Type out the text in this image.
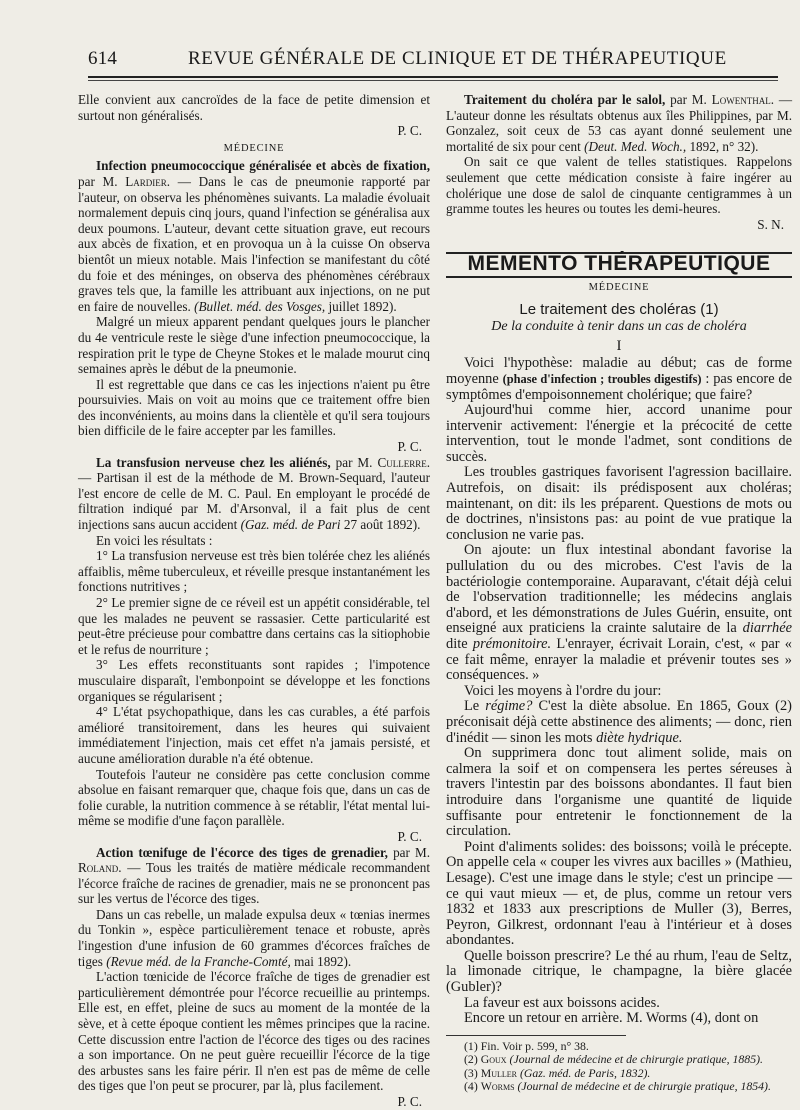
614	REVUE GÉNÉRALE DE CLINIQUE ET DE THÉRAPEUTIQUE

Elle convient aux cancroïdes de la face de petite dimension et surtout non généralisés.

P. C.

MÉDECINE

Infection pneumococcique généralisée et abcès de fixation, par M. Lardier. — Dans le cas de pneumonie rapporté par l'auteur, on observa les phénomènes suivants. La maladie évoluait normalement depuis cinq jours, quand l'infection se généralisa aux deux poumons. L'auteur, devant cette situation grave, eut recours aux abcès de fixation, et en provoqua un à la cuisse On observa bientôt un mieux notable. Mais l'infection se manifestant du côté du foie et des méninges, on observa des phénomènes cérébraux graves tels que, la famille les attribuant aux injections, on ne put en faire de nouvelles. (Bullet. méd. des Vosges, juillet 1892).

Malgré un mieux apparent pendant quelques jours le plancher du 4e ventricule reste le siège d'une infection pneumococcique, la respiration prit le type de Cheyne Stokes et le malade mourut cinq semaines après le début de la pneumonie.

Il est regrettable que dans ce cas les injections n'aient pu être poursuivies. Mais on voit au moins que ce traitement offre bien des inconvénients, au moins dans la clientèle et qu'il sera toujours bien difficile de le faire accepter par les familles.

P. C.

La transfusion nerveuse chez les aliénés, par M. Cullerre. — Partisan il est de la méthode de M. Brown-Sequard, l'auteur l'est encore de celle de M. C. Paul. En employant le procédé de filtration indiqué par M. d'Arsonval, il a fait plus de cent injections sans aucun accident (Gaz. méd. de Pari 27 août 1892).

En voici les résultats :

1° La transfusion nerveuse est très bien tolérée chez les aliénés affaiblis, même tuberculeux, et réveille presque instantanément les fonctions nutritives ;

2° Le premier signe de ce réveil est un appétit considérable, tel que les malades ne peuvent se rassasier. Cette particularité est peut-être précieuse pour combattre dans certains cas la sitiophobie et le refus de nourriture ;

3° Les effets reconstituants sont rapides ; l'impotence musculaire disparaît, l'embonpoint se développe et les fonctions organiques se régularisent ;

4° L'état psychopathique, dans les cas curables, a été parfois amélioré transitoirement, dans les heures qui suivaient immédiatement l'injection, mais cet effet n'a jamais persisté, et aucune amélioration durable n'a été obtenue.

Toutefois l'auteur ne considère pas cette conclusion comme absolue en faisant remarquer que, chaque fois que, dans un cas de folie curable, la nutrition commence à se rétablir, l'état mental lui-même se modifie d'une façon parallèle.

P. C.

Action tœnifuge de l'écorce des tiges de grenadier, par M. Roland. — Tous les traités de matière médicale recommandent l'écorce fraîche de racines de grenadier, mais ne se prononcent pas sur les vertus de l'écorce des tiges.

Dans un cas rebelle, un malade expulsa deux « tœnias inermes du Tonkin », espèce particulièrement tenace et robuste, après l'ingestion d'une infusion de 60 grammes d'écorces fraîches de tiges (Revue méd. de la Franche-Comté, mai 1892).

L'action tœnicide de l'écorce fraîche de tiges de grenadier est particulièrement démontrée pour l'écorce recueillie au printemps. Elle est, en effet, pleine de sucs au moment de la montée de la sève, et à cette époque contient les mêmes principes que la racine. Cette discussion entre l'action de l'écorce des tiges ou des racines a son importance. On ne peut guère recueillir l'écorce de la tige des arbustes sans les faire périr. Il n'en est pas de même de celle des tiges que l'on peut se procurer, par là, plus facilement.

P. C.

Traitement du choléra par le salol, par M. Lowenthal. — L'auteur donne les résultats obtenus aux îles Philippines, par M. Gonzalez, soit ceux de 53 cas ayant donné seulement une mortalité de six pour cent (Deut. Med. Woch., 1892, n° 32).

On sait ce que valent de telles statistiques. Rappelons seulement que cette médication consiste à faire ingérer au cholérique une dose de salol de cinquante centigrammes à un gramme toutes les heures ou toutes les demi-heures.

S. N.

MEMENTO THÉRAPEUTIQUE

MÉDECINE

Le traitement des choléras (1)

De la conduite à tenir dans un cas de choléra

I

Voici l'hypothèse: maladie au début; cas de forme moyenne (phase d'infection ; troubles digestifs) : pas encore de symptômes d'empoisonnement cholérique; que faire?

Aujourd'hui comme hier, accord unanime pour intervenir activement: l'énergie et la précocité de cette intervention, tout le monde l'admet, sont conditions de succès.

Les troubles gastriques favorisent l'agression bacillaire. Autrefois, on disait: ils prédisposent aux choléras; maintenant, on dit: ils les préparent. Questions de mots ou de doctrines, n'insistons pas: au point de vue pratique la conclusion ne varie pas.

On ajoute: un flux intestinal abondant favorise la pullulation du ou des microbes. C'est l'avis de la bactériologie contemporaine. Auparavant, c'était déjà celui de l'observation traditionnelle; les médecins anglais d'abord, et les démonstrations de Jules Guérin, ensuite, ont enseigné aux praticiens la crainte salutaire de la diarrhée dite prémonitoire. L'enrayer, écrivait Lorain, c'est, « par « ce fait même, enrayer la maladie et prévenir toutes ses » conséquences. »

Voici les moyens à l'ordre du jour:

Le régime? C'est la diète absolue. En 1865, Goux (2) préconisait déjà cette abstinence des aliments; — donc, rien d'inédit — sinon les mots diète hydrique.

On supprimera donc tout aliment solide, mais on calmera la soif et on compensera les pertes séreuses à travers l'intestin par des boissons abondantes. Il faut bien introduire dans l'organisme une quantité de liquide suffisante pour entretenir le fonctionnement de la circulation.

Point d'aliments solides: des boissons; voilà le précepte. On appelle cela « couper les vivres aux bacilles » (Mathieu, Lesage). C'est une image dans le style; c'est un principe — ce qui vaut mieux — et, de plus, comme un retour vers 1832 et 1833 aux prescriptions de Muller (3), Berres, Peyron, Gilkrest, ordonnant l'eau à l'intérieur et à doses abondantes.

Quelle boisson prescrire? Le thé au rhum, l'eau de Seltz, la limonade citrique, le champagne, la bière glacée (Gubler)?

La faveur est aux boissons acides.

Encore un retour en arrière. M. Worms (4), dont on

(1) Fin. Voir p. 599, n° 38.

(2) Goux (Journal de médecine et de chirurgie pratique, 1885).

(3) Muller (Gaz. méd. de Paris, 1832).

(4) Worms (Journal de médecine et de chirurgie pratique, 1854).
